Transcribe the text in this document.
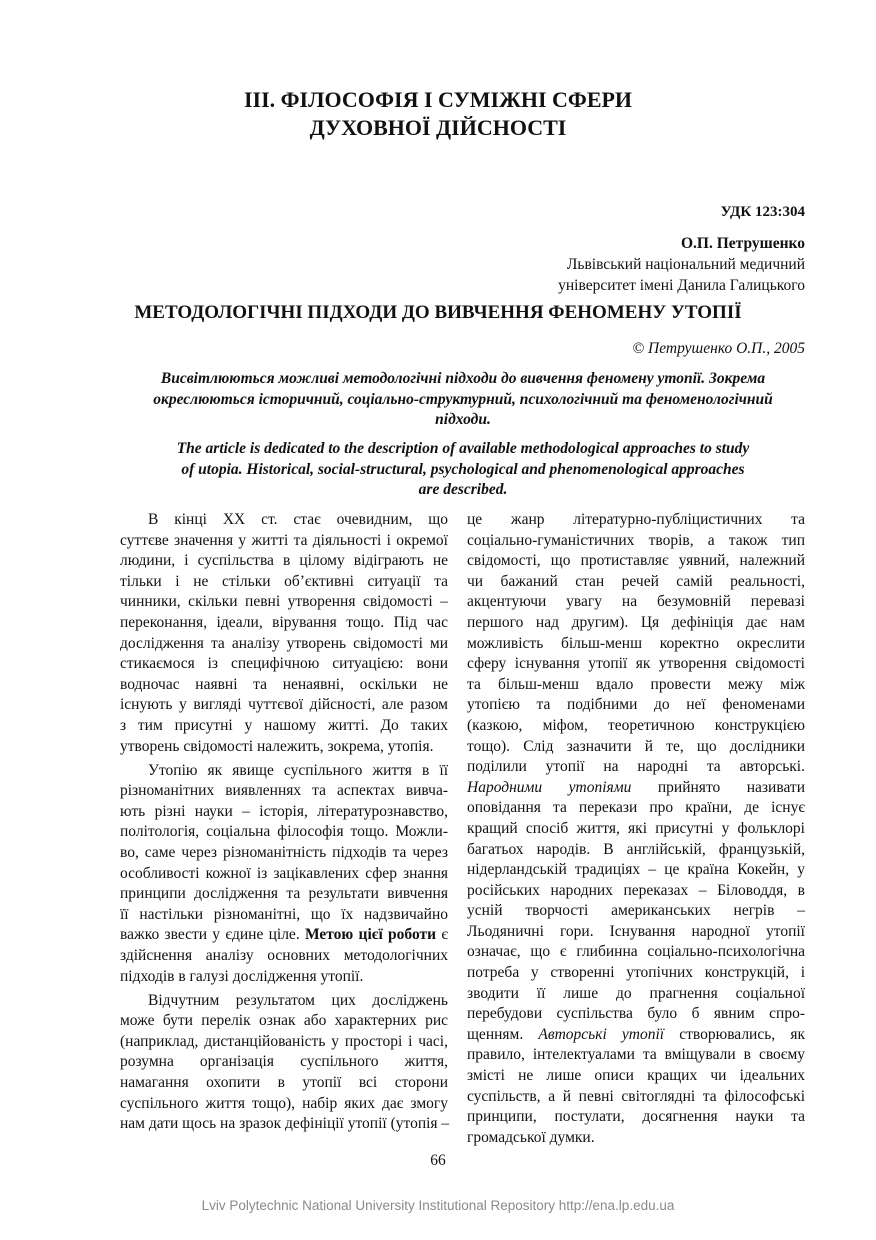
ІІІ. ФІЛОСОФІЯ І СУМІЖНІ СФЕРИ
ДУХОВНОЇ ДІЙСНОСТІ
УДК 123:304
О.П. Петрушенко
Львівський національний медичний
університет імені Данила Галицького
МЕТОДОЛОГІЧНІ ПІДХОДИ ДО ВИВЧЕННЯ ФЕНОМЕНУ УТОПІЇ
© Петрушенко О.П., 2005
Висвітлюються можливі методологічні підходи до вивчення феномену утопії. Зокрема
окреслюються історичний, соціально-структурний, психологічний та феноменологічний
підходи.
The article is dedicated to the description of available methodological approaches to study
of utopia. Historical, social-structural, psychological and phenomenological approaches
are described.
В кінці ХХ ст. стає очевидним, що
суттєве значення у житті та діяльності і окремої
людини, і суспільства в цілому відіграють не
тільки і не стільки об’єктивні ситуації та
чинники, скільки певні утворення свідомості –
переконання, ідеали, вірування тощо. Під час
дослідження та аналізу утворень свідомості ми
стикаємося із специфічною ситуацією: вони
водночас наявні та ненаявні, оскільки не
існують у вигляді чуттєвої дійсності, але разом
з тим присутні у нашому житті. До таких
утворень свідомості належить, зокрема, утопія.
Утопію як явище суспільного життя в її
різноманітних виявленнях та аспектах вивча-
ють різні науки – історія, літературознавство,
політологія, соціальна філософія тощо. Можли-
во, саме через різноманітність підходів та через
особливості кожної із зацікавлених сфер знання
принципи дослідження та результати вивчення
її настільки різноманітні, що їх надзвичайно
важко звести у єдине ціле. Метою цієї роботи є
здійснення аналізу основних методологічних
підходів в галузі дослідження утопії.
Відчутним результатом цих досліджень
може бути перелік ознак або характерних рис
(наприклад, дистанційованість у просторі і часі,
розумна організація суспільного життя,
намагання охопити в утопії всі сторони
суспільного життя тощо), набір яких дає змогу
нам дати щось на зразок дефініції утопії (утопія –
це жанр літературно-публіцистичних та
соціально-гуманістичних творів, а також тип
свідомості, що протиставляє уявний, належний
чи бажаний стан речей самій реальності,
акцентуючи увагу на безумовній перевазі
першого над другим). Ця дефініція дає нам
можливість більш-менш коректно окреслити
сферу існування утопії як утворення свідомості
та більш-менш вдало провести межу між
утопією та подібними до неї феноменами
(казкою, міфом, теоретичною конструкцією
тощо). Слід зазначити й те, що дослідники
поділили утопії на народні та авторські.
Народними утопіями прийнято називати
оповідання та перекази про країни, де існує
кращий спосіб життя, які присутні у фольклорі
багатьох народів. В англійській, французькій,
нідерландській традиціях – це країна Кокейн, у
російських народних переказах – Біловоддя, в
усній творчості американських негрів –
Льодяничні гори. Існування народної утопії
означає, що є глибинна соціально-психологічна
потреба у створенні утопічних конструкцій, і
зводити її лише до прагнення соціальної
перебудови суспільства було б явним спро-
щенням. Авторські утопії створювались, як
правило, інтелектуалами та вміщували в своєму
змісті не лише описи кращих чи ідеальних
суспільств, а й певні світоглядні та філософські
принципи, постулати, досягнення науки та
громадської думки.
66
Lviv Polytechnic National University Institutional Repository http://ena.lp.edu.ua
